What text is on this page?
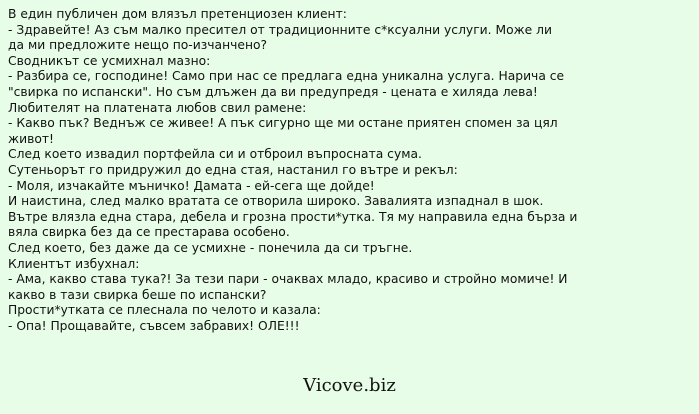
В един публичен дом влязъл претенциозен клиент:
- Здравейте! Аз съм малко пресител от традиционните с*ксуални услуги. Може ли
да ми предложите нещо по-изчанчено?
Сводникът се усмихнал мазно:
- Разбира се, господине! Само при нас се предлага една уникална услуга. Нарича се
"свирка по испански". Но съм длъжен да ви предупредя - цената е хиляда лева!
Любителят на платената любов свил рамене:
- Какво пък? Веднъж се живее! А пък сигурно ще ми остане приятен спомен за цял
живот!
След което извадил портфейла си и отброил въпросната сума.
Сутеньорът го придружил до една стая, настанил го вътре и рекъл:
- Моля, изчакайте мъничко! Дамата - ей-сега ще дойде!
И наистина, след малко вратата се отворила широко. Завалията изпаднал в шок.
Вътре влязла една стара, дебела и грозна прости*утка. Тя му направила една бърза и
вяла свирка без да се престарава особено.
След което, без даже да се усмихне - понечила да си тръгне.
Клиентът избухнал:
- Ама, какво става тука?! За тези пари - очаквах младо, красиво и стройно момиче! И
какво в тази свирка беше по испански?
Прости*утката се плеснала по челото и казала:
- Опа! Прощавайте, съвсем забравих! ОЛЕ!!!
Vicove.biz
